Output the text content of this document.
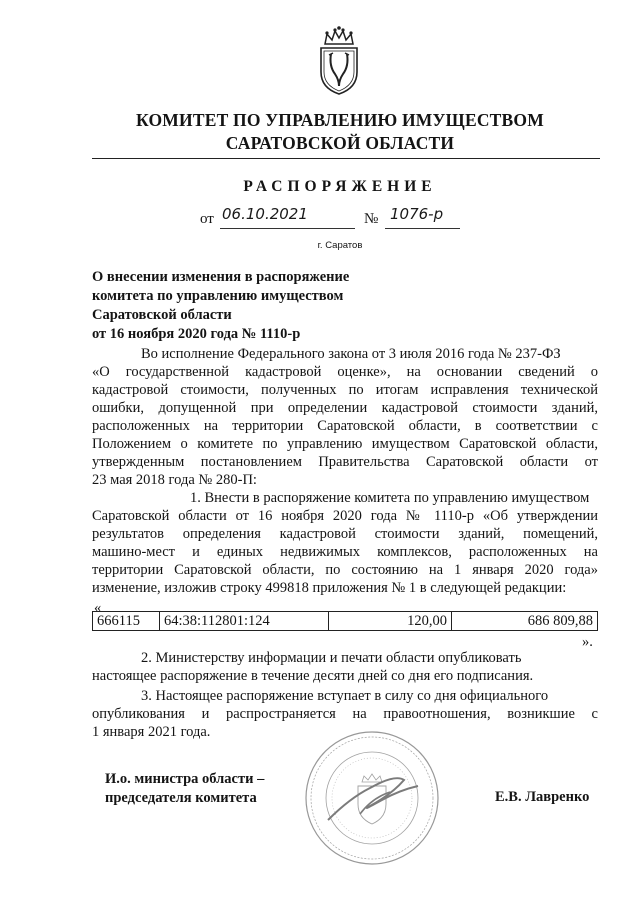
КОМИТЕТ ПО УПРАВЛЕНИЮ ИМУЩЕСТВОМ
САРАТОВСКОЙ ОБЛАСТИ
РАСПОРЯЖЕНИЕ
от 06.10.2021	№ 1076-р
г. Саратов
О внесении изменения в распоряжение
комитета по управлению имуществом
Саратовской области
от 16 ноября 2020 года № 1110-р
Во исполнение Федерального закона от 3 июля 2016 года № 237-ФЗ
«О государственной кадастровой оценке», на основании сведений о
кадастровой стоимости, полученных по итогам исправления технической
ошибки, допущенной при определении кадастровой стоимости зданий,
расположенных на территории Саратовской области, в соответствии с
Положением о комитете по управлению имуществом Саратовской области,
утвержденным постановлением Правительства Саратовской области от
23 мая 2018 года № 280-П:
1. Внести в распоряжение комитета по управлению имуществом
Саратовской области от 16 ноября 2020 года № 1110-р «Об утверждении
результатов определения кадастровой стоимости зданий, помещений,
машино-мест и единых недвижимых комплексов, расположенных на
территории Саратовской области, по состоянию на 1 января 2020 года»
изменение, изложив строку 499818 приложения № 1 в следующей редакции:
«
666115	64:38:112801:124	120,00	686 809,88
».
2. Министерству информации и печати области опубликовать
настоящее распоряжение в течение десяти дней со дня его подписания.
3. Настоящее распоряжение вступает в силу со дня официального
опубликования и распространяется на правоотношения, возникшие с
1 января 2021 года.
И.о. министра области –
председателя комитета	Е.В. Лавренко
